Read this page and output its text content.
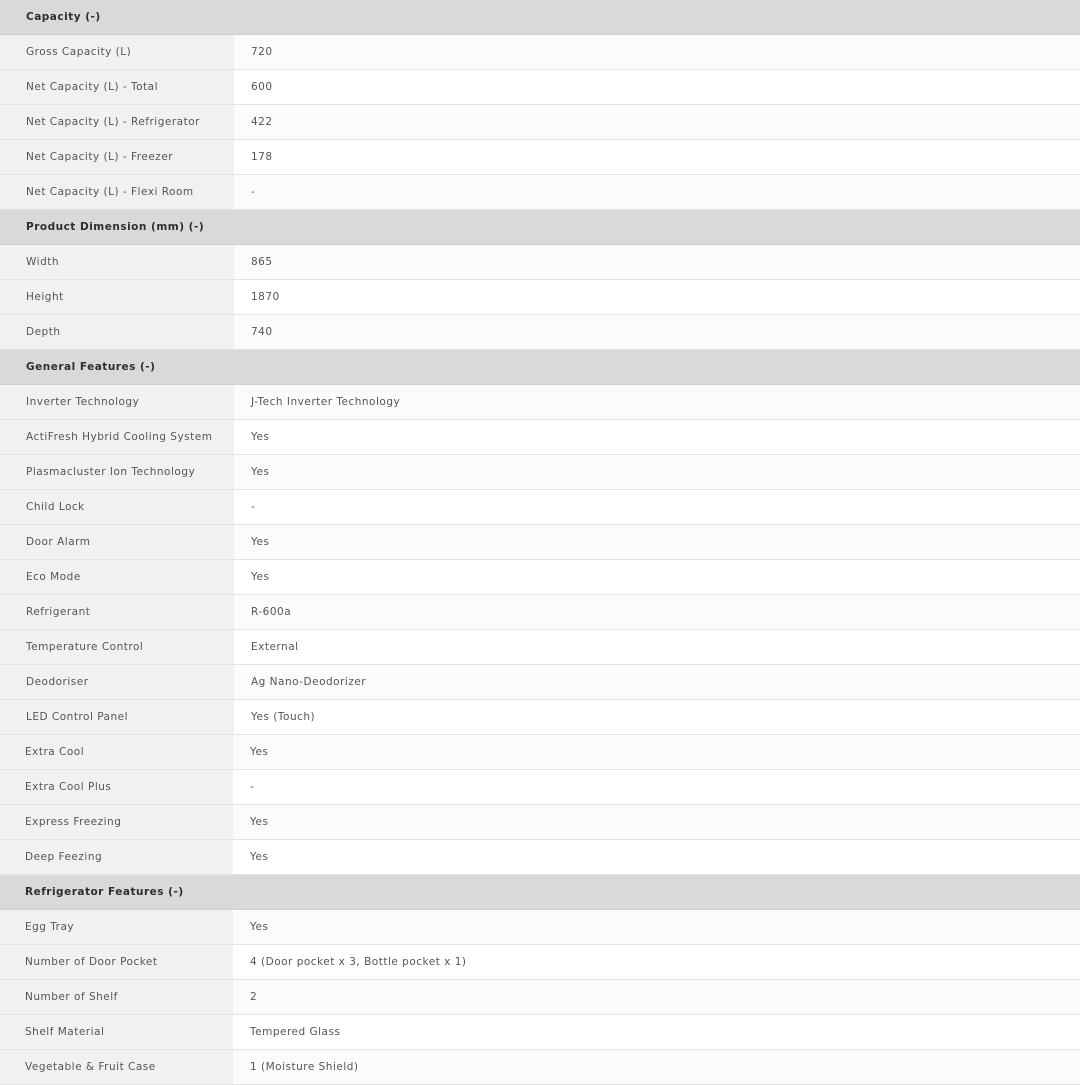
Capacity (-)
Gross Capacity (L)	720
Net Capacity (L) - Total	600
Net Capacity (L) - Refrigerator	422
Net Capacity (L) - Freezer	178
Net Capacity (L) - Flexi Room	-
Product Dimension (mm) (-)
Width	865
Height	1870
Depth	740
General Features (-)
Inverter Technology	J-Tech Inverter Technology
ActiFresh Hybrid Cooling System	Yes
Plasmacluster Ion Technology	Yes
Child Lock	-
Door Alarm	Yes
Eco Mode	Yes
Refrigerant	R-600a
Temperature Control	External
Deodoriser	Ag Nano-Deodorizer
LED Control Panel	Yes (Touch)
Extra Cool	Yes
Extra Cool Plus	-
Express Freezing	Yes
Deep Feezing	Yes
Refrigerator Features (-)
Egg Tray	Yes
Number of Door Pocket	4 (Door pocket x 3, Bottle pocket x 1)
Number of Shelf	2
Shelf Material	Tempered Glass
Vegetable & Fruit Case	1 (Moisture Shield)
